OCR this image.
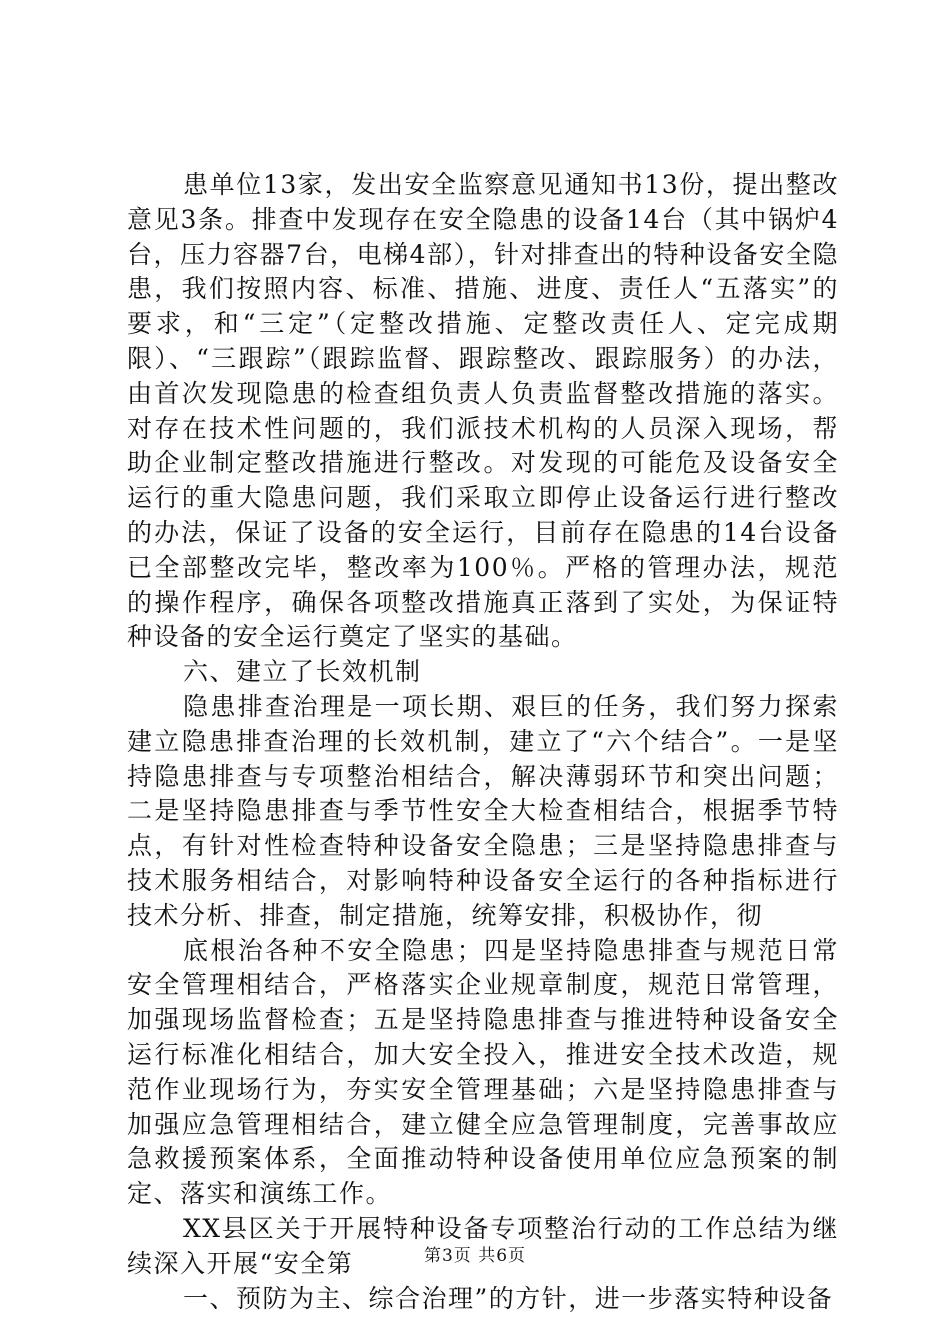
患单位13家，发出安全监察意见通知书13份，提出整改意见3条。排查中发现存在安全隐患的设备14台（其中锅炉4台，压力容器7台，电梯4部），针对排查出的特种设备安全隐患，我们按照内容、标准、措施、进度、责任人“五落实”的要求，和“三定”（定整改措施、定整改责任人、定完成期限）、“三跟踪”（跟踪监督、跟踪整改、跟踪服务）的办法，由首次发现隐患的检查组负责人负责监督整改措施的落实。对存在技术性问题的，我们派技术机构的人员深入现场，帮助企业制定整改措施进行整改。对发现的可能危及设备安全运行的重大隐患问题，我们采取立即停止设备运行进行整改的办法，保证了设备的安全运行，目前存在隐患的14台设备已全部整改完毕，整改率为100％。严格的管理办法，规范的操作程序，确保各项整改措施真正落到了实处，为保证特种设备的安全运行奠定了坚实的基础。

六、建立了长效机制

隐患排查治理是一项长期、艰巨的任务，我们努力探索建立隐患排查治理的长效机制，建立了“六个结合”。一是坚持隐患排查与专项整治相结合，解决薄弱环节和突出问题；二是坚持隐患排查与季节性安全大检查相结合，根据季节特点，有针对性检查特种设备安全隐患；三是坚持隐患排查与技术服务相结合，对影响特种设备安全运行的各种指标进行技术分析、排查，制定措施，统筹安排，积极协作，彻

底根治各种不安全隐患；四是坚持隐患排查与规范日常安全管理相结合，严格落实企业规章制度，规范日常管理，加强现场监督检查；五是坚持隐患排查与推进特种设备安全运行标准化相结合，加大安全投入，推进安全技术改造，规范作业现场行为，夯实安全管理基础；六是坚持隐患排查与加强应急管理相结合，建立健全应急管理制度，完善事故应急救援预案体系，全面推动特种设备使用单位应急预案的制定、落实和演练工作。

XX县区关于开展特种设备专项整治行动的工作总结为继续深入开展“安全第

一、预防为主、综合治理”的方针，进一步落实特种设备

第3页 共6页
